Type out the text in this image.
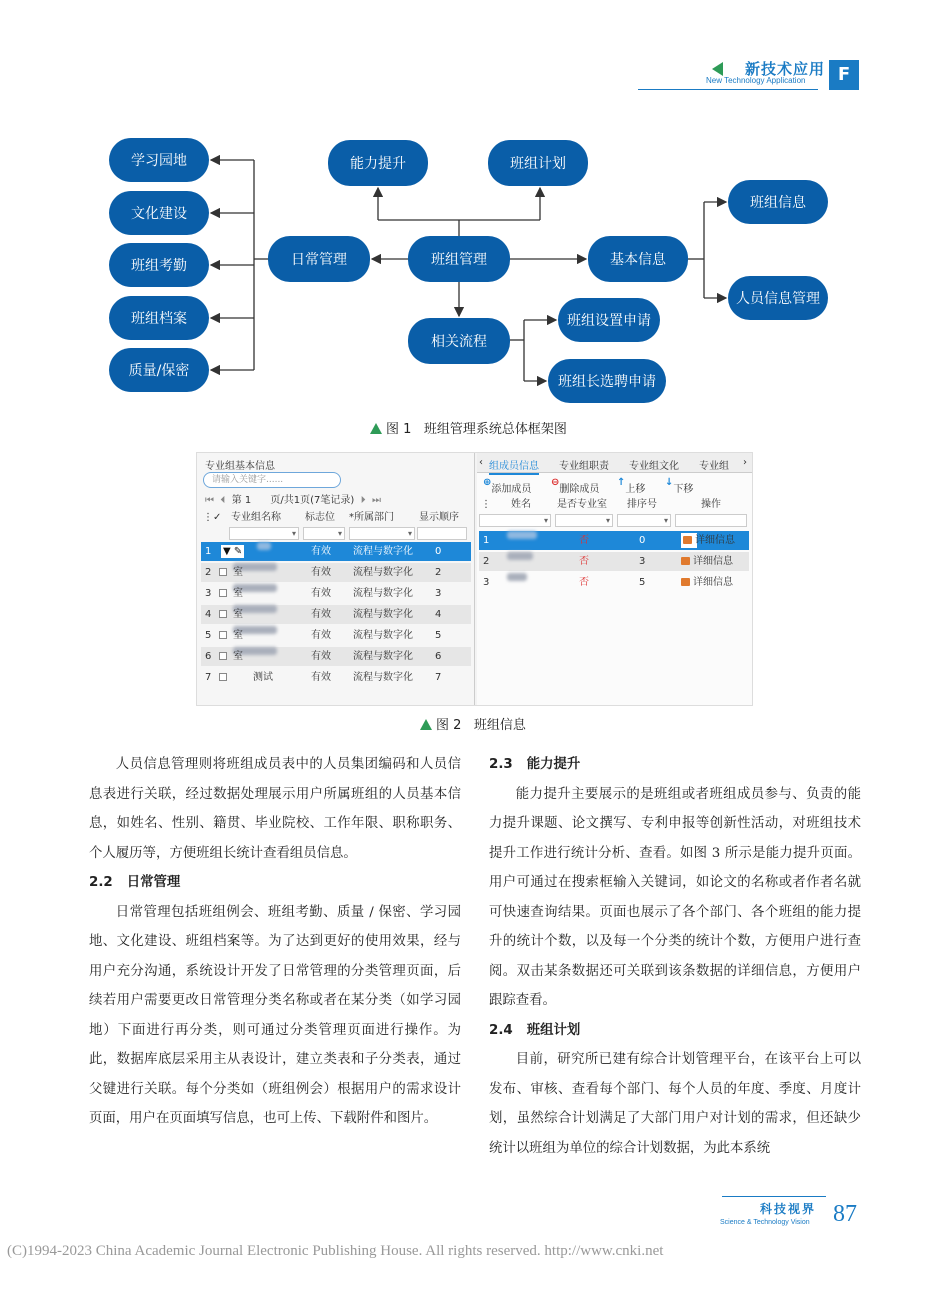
新技术应用
New Technology Application	F
班组管理
日常管理
能力提升	班组计划
基本信息
相关流程
学习园地
文化建设
班组考勤
班组档案
质量/保密
班组信息
人员信息管理
班组设置申请
班组长选聘申请
图 1 班组管理系统总体框架图
专业组基本信息
请输入关键字......
⏮ ⏴ 第 1 页/共1页(7笔记录) ⏵ ⏭
⋮ ✓ 专业组名称 标志位 *所属部门	显示顺序
▾	▾	▾
1 ▼ ✎	有效 流程与数字化 0
2 室	有效 流程与数字化 2
3 室	有效 流程与数字化 3
4 室	有效 流程与数字化 4
5 室	有效 流程与数字化 5
6 室	有效 流程与数字化 6
7	测试	有效 流程与数字化 7
‹ 组成员信息 专业组职责 专业组文化 专业组 ›
⊕
添加成员
⊖
删除成员
↑
上移
↓
下移
⋮ 姓名	是否专业室 排序号	操作
▾	▾	▾
1	否	0	详细信息
2	否	3	详细信息
3	否	5	详细信息
图 2 班组信息

人员信息管理则将班组成员表中的人员集团编码和人员信息表进行关联，经过数据处理展示用户所属班组的人员基本信息，如姓名、性别、籍贯、毕业院校、工作年限、职称职务、个人履历等，方便班组长统计查看组员信息。

2.2 日常管理

日常管理包括班组例会、班组考勤、质量 / 保密、学习园地、文化建设、班组档案等。为了达到更好的使用效果，经与用户充分沟通，系统设计开发了日常管理的分类管理页面，后续若用户需要更改日常管理分类名称或者在某分类（如学习园地）下面进行再分类，则可通过分类管理页面进行操作。为此，数据库底层采用主从表设计，建立类表和子分类表，通过父键进行关联。每个分类如（班组例会）根据用户的需求设计页面，用户在页面填写信息，也可上传、下载附件和图片。

2.3 能力提升

能力提升主要展示的是班组或者班组成员参与、负责的能力提升课题、论文撰写、专利申报等创新性活动，对班组技术提升工作进行统计分析、查看。如图 3 所示是能力提升页面。用户可通过在搜索框输入关键词，如论文的名称或者作者名就可快速查询结果。页面也展示了各个部门、各个班组的能力提升的统计个数，以及每一个分类的统计个数，方便用户进行查阅。双击某条数据还可关联到该条数据的详细信息，方便用户跟踪查看。

2.4 班组计划

目前，研究所已建有综合计划管理平台，在该平台上可以发布、审核、查看每个部门、每个人员的年度、季度、月度计划，虽然综合计划满足了大部门用户对计划的需求，但还缺少统计以班组为单位的综合计划数据，为此本系统

科技视界
Science & Technology Vision 87
(C)1994-2023 China Academic Journal Electronic Publishing House. All rights reserved. http://www.cnki.net
